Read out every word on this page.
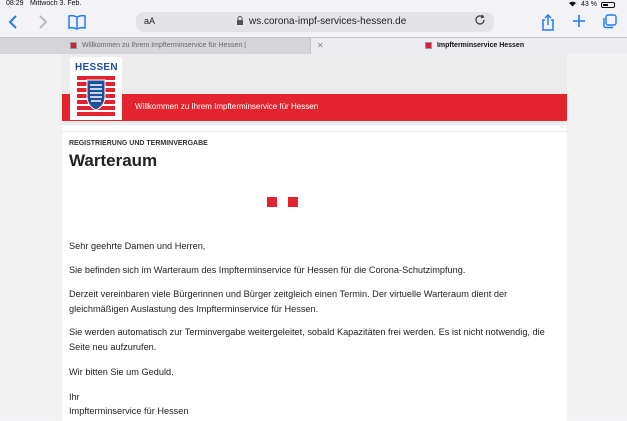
08:29 Mittwoch 3. Feb.	43 %
aA	ws.corona-impf-services-hessen.de
Willkommen zu Ihrem Impfterminservice für Hessen |	✕	Impfterminservice Hessen
Willkommen zu Ihrem Impfterminservice für Hessen
HESSEN
REGISTRIERUNG UND TERMINVERGABE
Warteraum
Sehr geehrte Damen und Herren,
Sie befinden sich im Warteraum des Impfterminservice für Hessen für die Corona-Schutzimpfung.
Derzeit vereinbaren viele Bürgerinnen und Bürger zeitgleich einen Termin. Der virtuelle Warteraum dient der gleichmäßigen Auslastung des Impfterminservice für Hessen.
Sie werden automatisch zur Terminvergabe weitergeleitet, sobald Kapazitäten frei werden. Es ist nicht notwendig, die Seite neu aufzurufen.
Wir bitten Sie um Geduld.
Ihr
Impfterminservice für Hessen
